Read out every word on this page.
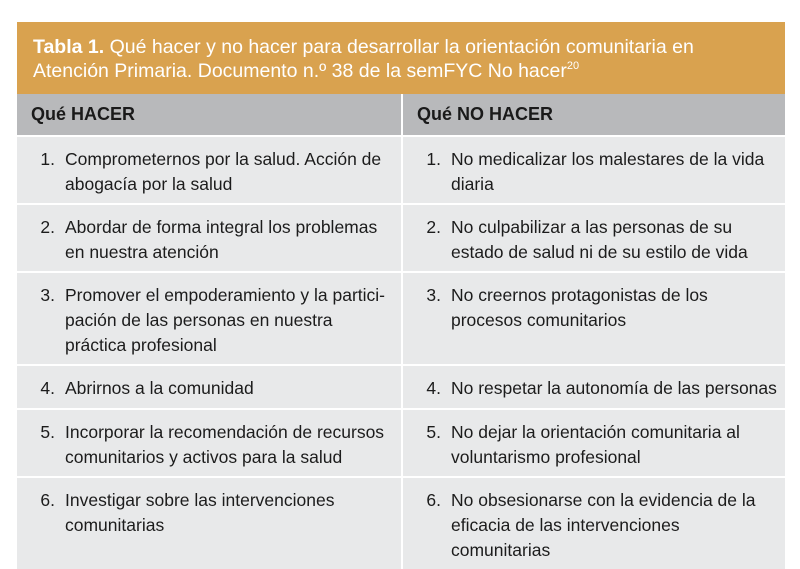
Tabla 1. Qué hacer y no hacer para desarrollar la orientación comunitaria en Atención Primaria. Documento n.º 38 de la semFYC No hacer$^{20}$
Qué HACER	Qué NO HACER

1. Comprometernos por la salud. Acción de abogacía por la salud	1. No medicalizar los malestares de la vida diaria

2. Abordar de forma integral los problemas en nuestra atención	2. No culpabilizar a las personas de su estado de salud ni de su estilo de vida

3. Promover el empoderamiento y la partici-pación de las personas en nuestra práctica profesional	3. No creernos protagonistas de los procesos comunitarios

4. Abrirnos a la comunidad	4. No respetar la autonomía de las personas

5. Incorporar la recomendación de recursos comunitarios y activos para la salud	5. No dejar la orientación comunitaria al voluntarismo profesional

6. Investigar sobre las intervenciones comunitarias	6. No obsesionarse con la evidencia de la eficacia de las intervenciones comunitarias
